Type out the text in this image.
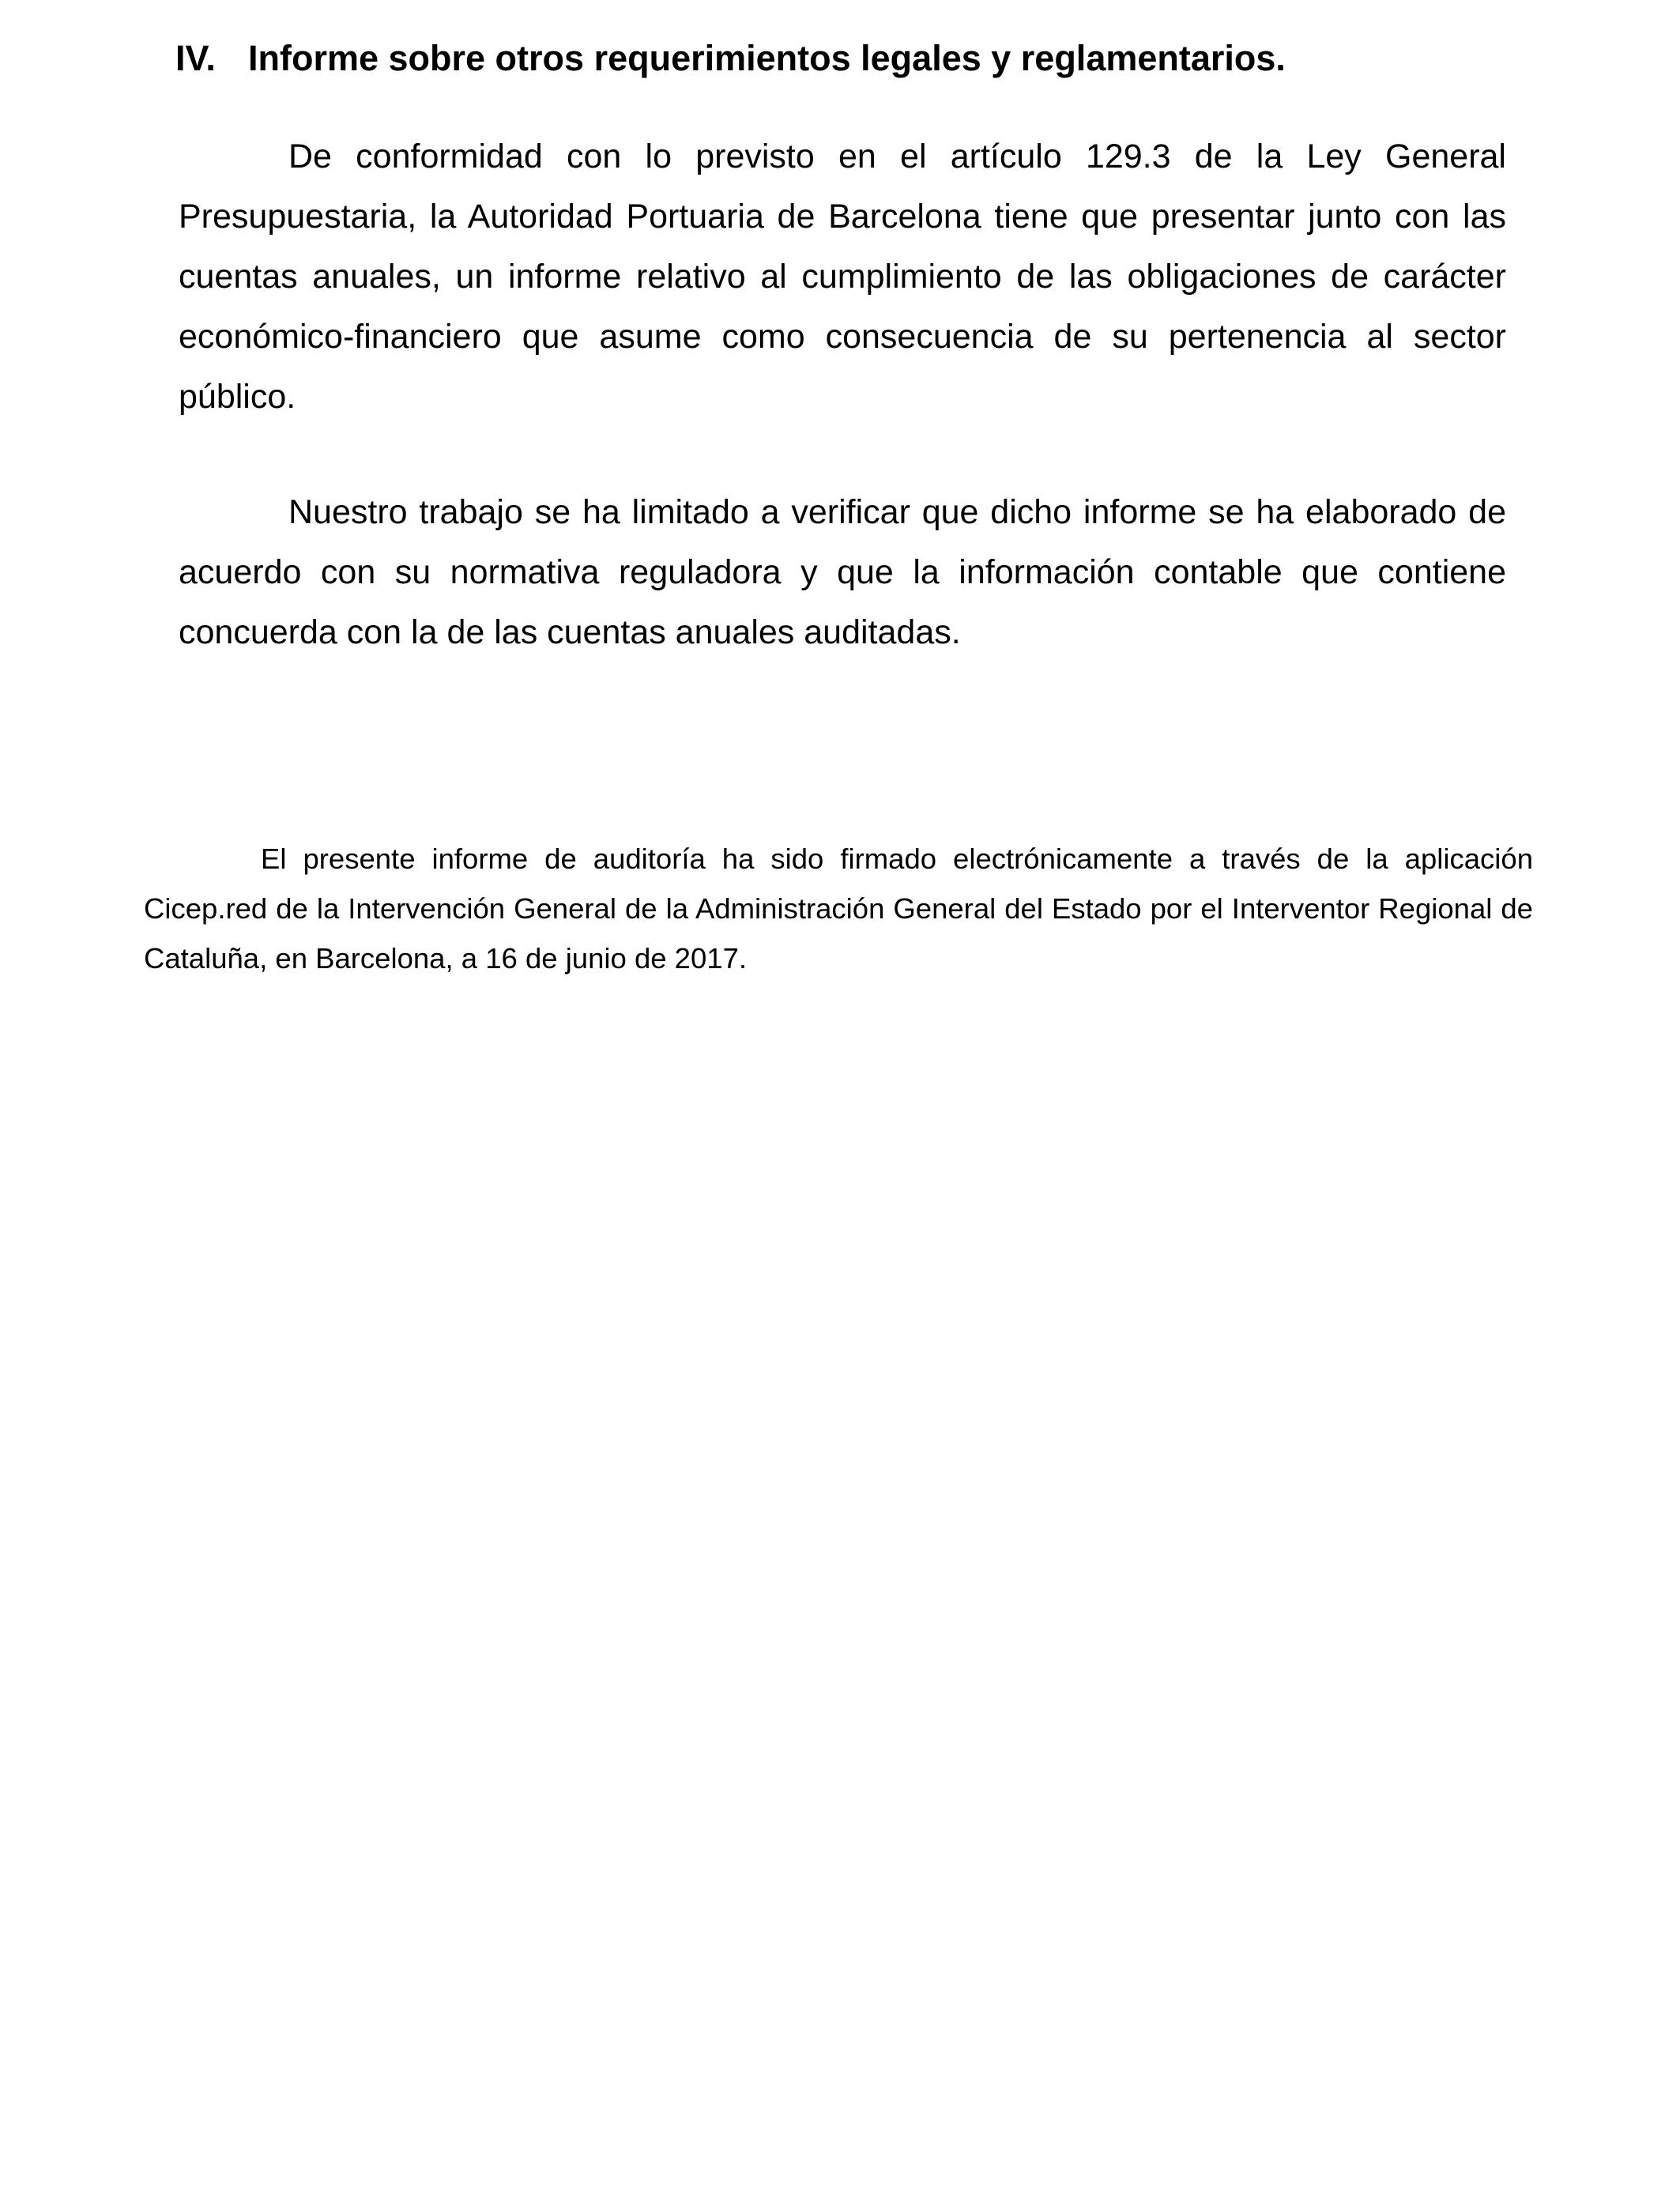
IV. Informe sobre otros requerimientos legales y reglamentarios.

De conformidad con lo previsto en el artículo 129.3 de la Ley General Presupuestaria, la Autoridad Portuaria de Barcelona tiene que presentar junto con las cuentas anuales, un informe relativo al cumplimiento de las obligaciones de carácter económico-financiero que asume como consecuencia de su pertenencia al sector público.

Nuestro trabajo se ha limitado a verificar que dicho informe se ha elaborado de acuerdo con su normativa reguladora y que la información contable que contiene concuerda con la de las cuentas anuales auditadas.

El presente informe de auditoría ha sido firmado electrónicamente a través de la aplicación Cicep.red de la Intervención General de la Administración General del Estado por el Interventor Regional de Cataluña, en Barcelona, a 16 de junio de 2017.
